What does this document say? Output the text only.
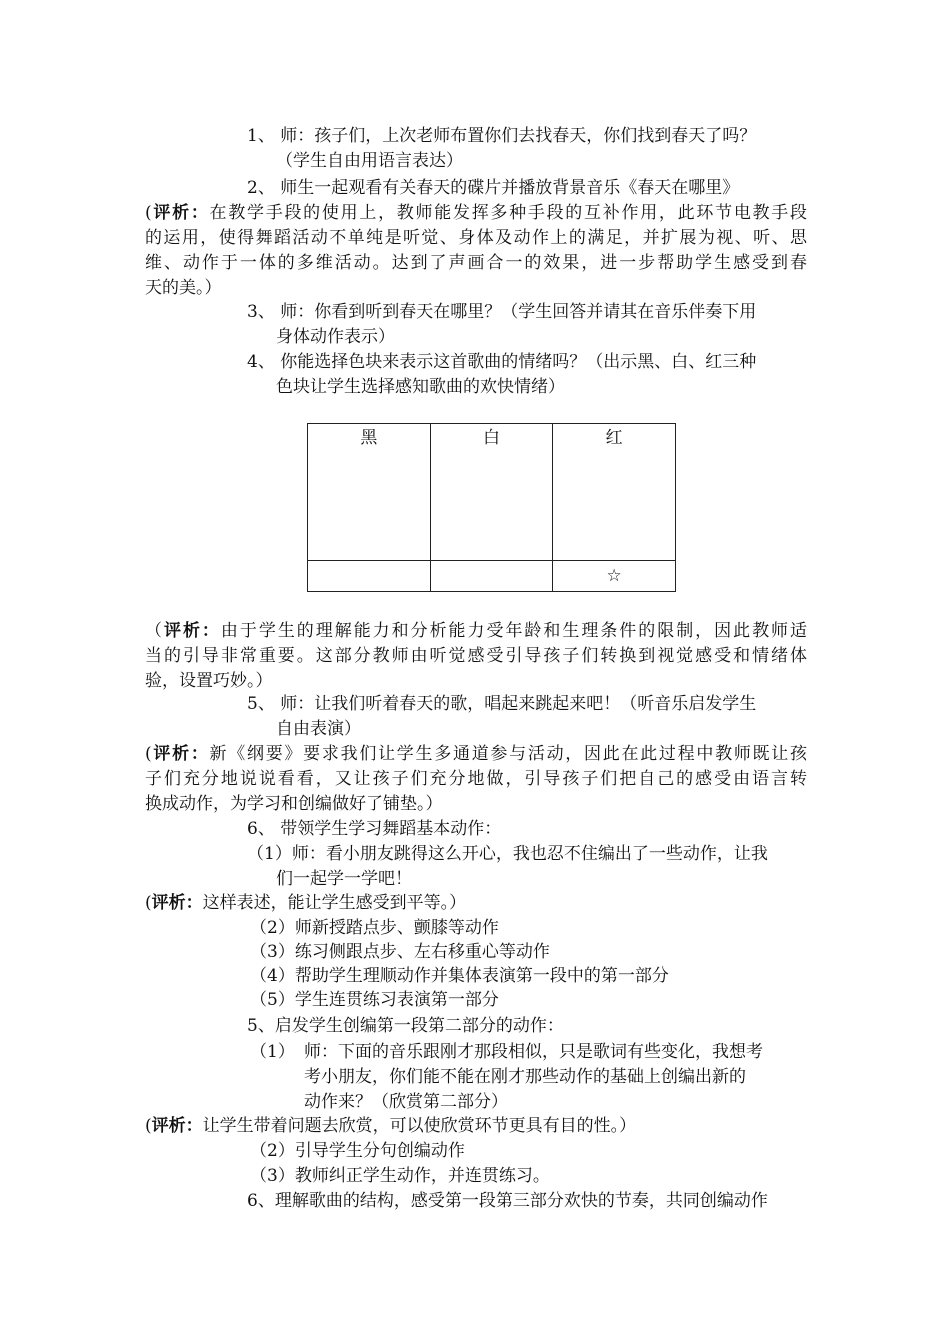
1、 师：孩子们，上次老师布置你们去找春天，你们找到春天了吗？
（学生自由用语言表达）
2、 师生一起观看有关春天的碟片并播放背景音乐《春天在哪里》
(评析：在教学手段的使用上，教师能发挥多种手段的互补作用，此环节电教手段
的运用，使得舞蹈活动不单纯是听觉、身体及动作上的满足，并扩展为视、听、思
维、动作于一体的多维活动。达到了声画合一的效果，进一步帮助学生感受到春
天的美。）
3、 师：你看到听到春天在哪里？（学生回答并请其在音乐伴奏下用
身体动作表示）
4、 你能选择色块来表示这首歌曲的情绪吗？（出示黑、白、红三种
色块让学生选择感知歌曲的欢快情绪）
黑	白	红
		☆
（评析：由于学生的理解能力和分析能力受年龄和生理条件的限制，因此教师适
当的引导非常重要。这部分教师由听觉感受引导孩子们转换到视觉感受和情绪体
验，设置巧妙。）
5、 师：让我们听着春天的歌，唱起来跳起来吧！（听音乐启发学生
自由表演）
(评析：新《纲要》要求我们让学生多通道参与活动，因此在此过程中教师既让孩
子们充分地说说看看，又让孩子们充分地做，引导孩子们把自己的感受由语言转
换成动作，为学习和创编做好了铺垫。）
6、 带领学生学习舞蹈基本动作：
（1）师：看小朋友跳得这么开心，我也忍不住编出了一些动作，让我
们一起学一学吧！
(评析：这样表述，能让学生感受到平等。）
（2）师新授踏点步、颤膝等动作
（3）练习侧跟点步、左右移重心等动作
（4）帮助学生理顺动作并集体表演第一段中的第一部分
（5）学生连贯练习表演第一部分
5、启发学生创编第一段第二部分的动作：
（1） 师：下面的音乐跟刚才那段相似，只是歌词有些变化，我想考
考小朋友，你们能不能在刚才那些动作的基础上创编出新的
动作来？（欣赏第二部分）
(评析：让学生带着问题去欣赏，可以使欣赏环节更具有目的性。）
（2）引导学生分句创编动作
（3）教师纠正学生动作，并连贯练习。
6、理解歌曲的结构，感受第一段第三部分欢快的节奏，共同创编动作
